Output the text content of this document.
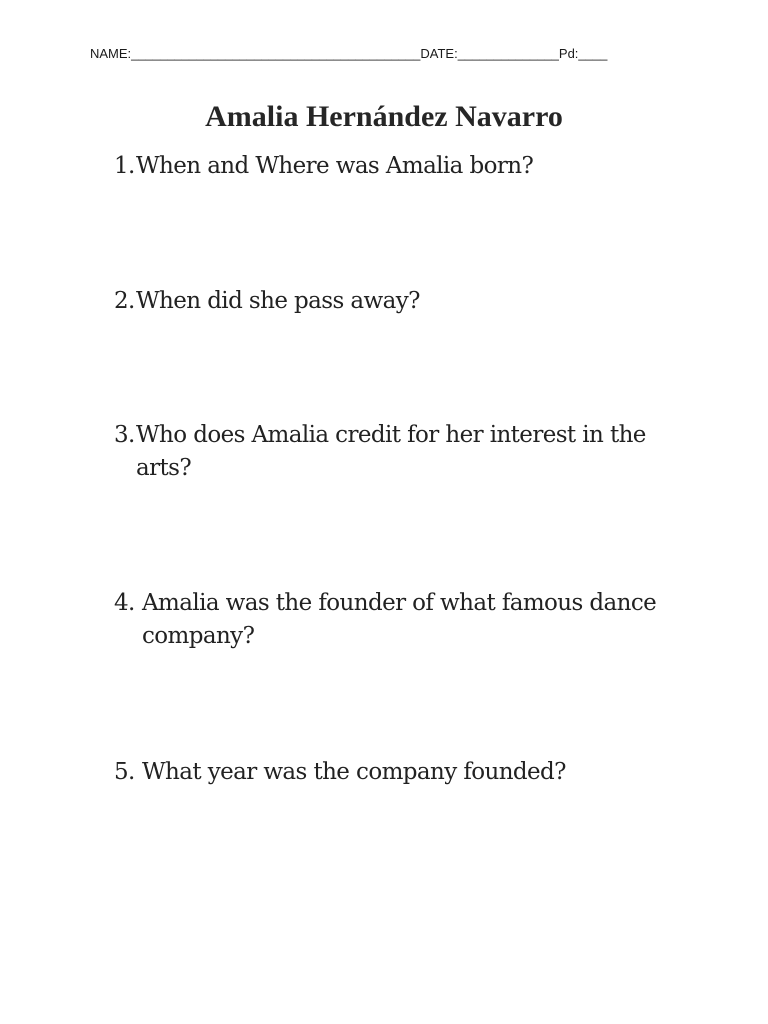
NAME:________________________________________DATE:______________Pd:____
Amalia Hernández Navarro
1. When and Where was Amalia born?
2. When did she pass away?
3. Who does Amalia credit for her interest in the arts?
4. Amalia was the founder of what famous dance company?
5. What year was the company founded?
